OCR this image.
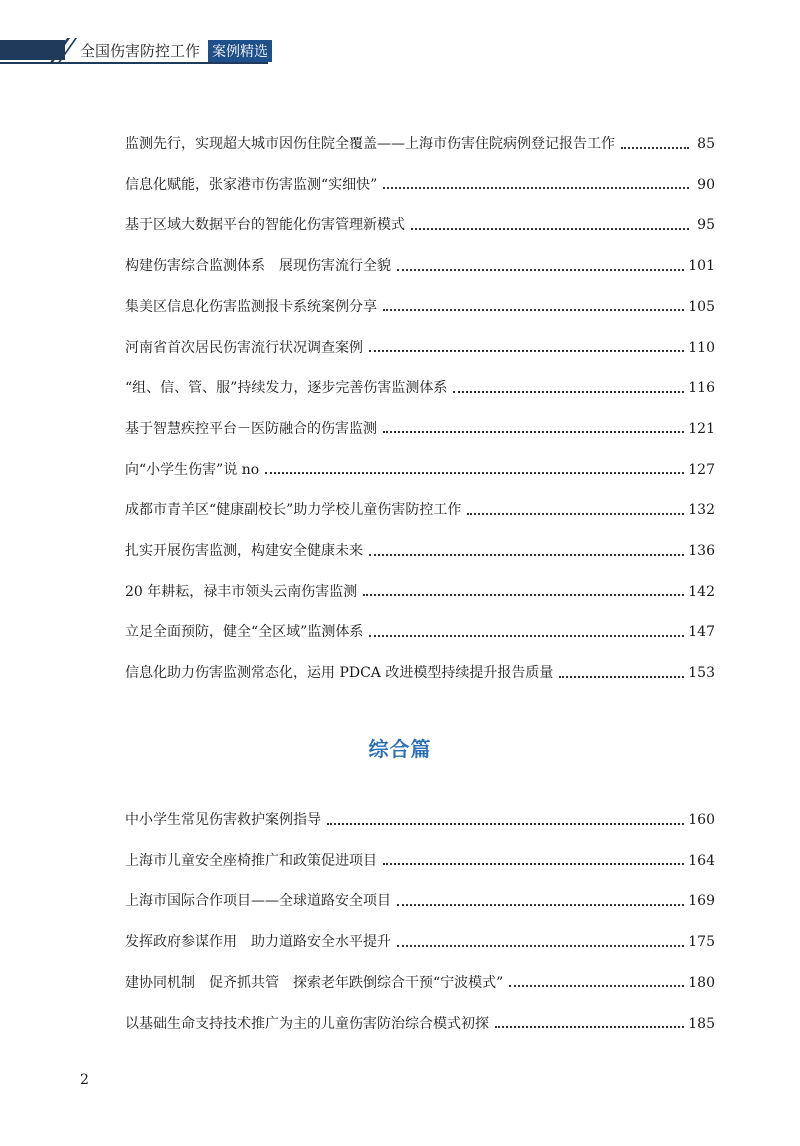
全国伤害防控工作 案例精选
监测先行，实现超大城市因伤住院全覆盖——上海市伤害住院病例登记报告工作	85
信息化赋能，张家港市伤害监测“实细快”	90
基于区域大数据平台的智能化伤害管理新模式	95
构建伤害综合监测体系　展现伤害流行全貌	101
集美区信息化伤害监测报卡系统案例分享	105
河南省首次居民伤害流行状况调查案例	110
“组、信、管、服”持续发力，逐步完善伤害监测体系	116
基于智慧疾控平台－医防融合的伤害监测	121
向“小学生伤害”说 no	127
成都市青羊区“健康副校长”助力学校儿童伤害防控工作	132
扎实开展伤害监测，构建安全健康未来	136
20 年耕耘，禄丰市领头云南伤害监测	142
立足全面预防，健全“全区域”监测体系	147
信息化助力伤害监测常态化，运用 PDCA 改进模型持续提升报告质量	153
综合篇
中小学生常见伤害救护案例指导	160
上海市儿童安全座椅推广和政策促进项目	164
上海市国际合作项目——全球道路安全项目	169
发挥政府参谋作用　助力道路安全水平提升	175
建协同机制　促齐抓共管　探索老年跌倒综合干预“宁波模式”	180
以基础生命支持技术推广为主的儿童伤害防治综合模式初探	185
2
